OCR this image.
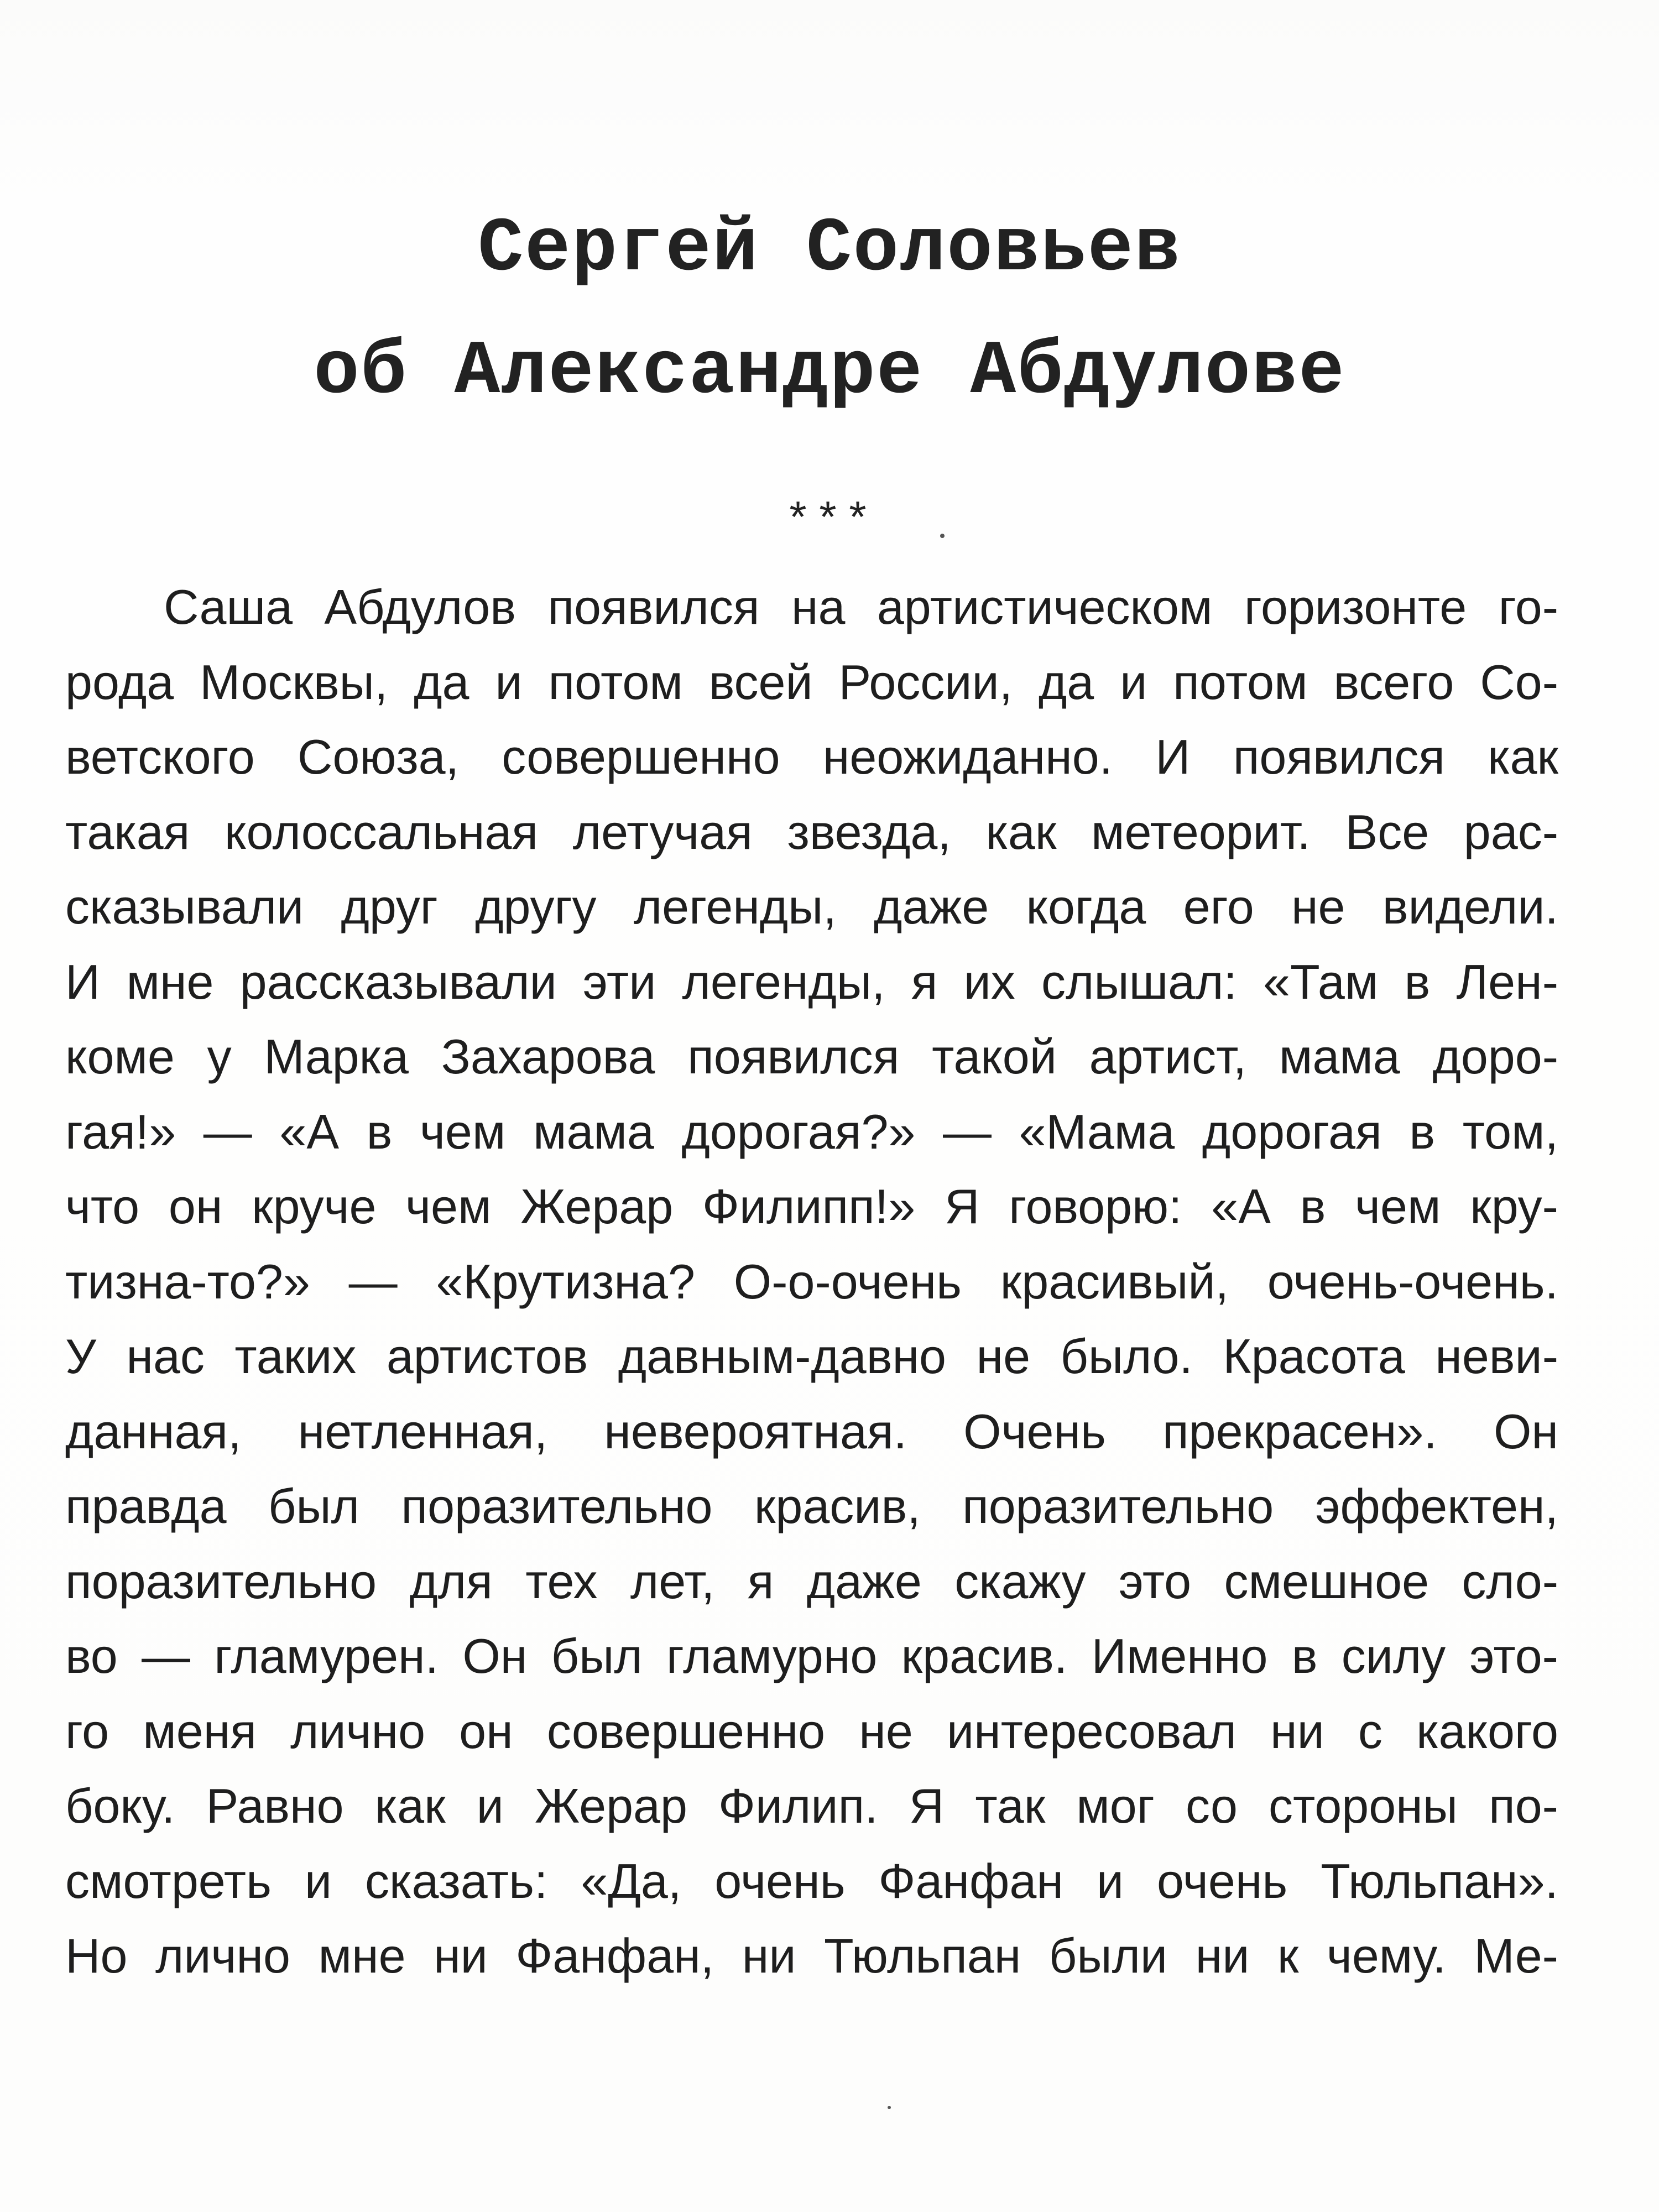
Сергей Соловьев
об Александре Абдулове
***
Саша Абдулов появился на артистическом горизонте го-
рода Москвы, да и потом всей России, да и потом всего Со-
ветского Союза, совершенно неожиданно. И появился как
такая колоссальная летучая звезда, как метеорит. Все рас-
сказывали друг другу легенды, даже когда его не видели.
И мне рассказывали эти легенды, я их слышал: «Там в Лен-
коме у Марка Захарова появился такой артист, мама доро-
гая!» — «А в чем мама дорогая?» — «Мама дорогая в том,
что он круче чем Жерар Филипп!» Я говорю: «А в чем кру-
тизна-то?» — «Крутизна? О-о-очень красивый, очень-очень.
У нас таких артистов давным-давно не было. Красота неви-
данная, нетленная, невероятная. Очень прекрасен». Он
правда был поразительно красив, поразительно эффектен,
поразительно для тех лет, я даже скажу это смешное сло-
во — гламурен. Он был гламурно красив. Именно в силу это-
го меня лично он совершенно не интересовал ни с какого
боку. Равно как и Жерар Филип. Я так мог со стороны по-
смотреть и сказать: «Да, очень Фанфан и очень Тюльпан».
Но лично мне ни Фанфан, ни Тюльпан были ни к чему. Ме-
